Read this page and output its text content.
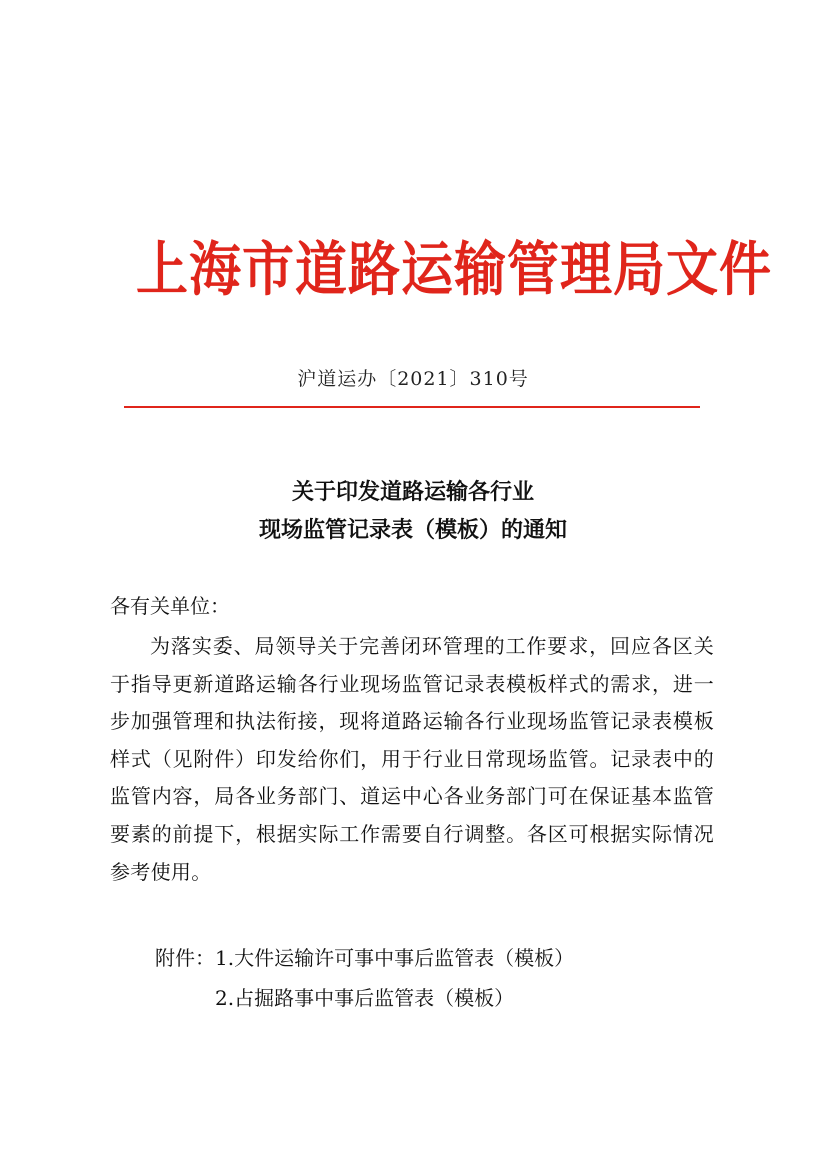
上海市道路运输管理局文件
沪道运办〔2021〕310号
关于印发道路运输各行业
现场监管记录表（模板）的通知
各有关单位：
为落实委、局领导关于完善闭环管理的工作要求，回应各区关于指导更新道路运输各行业现场监管记录表模板样式的需求，进一步加强管理和执法衔接，现将道路运输各行业现场监管记录表模板样式（见附件）印发给你们，用于行业日常现场监管。记录表中的监管内容，局各业务部门、道运中心各业务部门可在保证基本监管要素的前提下，根据实际工作需要自行调整。各区可根据实际情况参考使用。
附件： 1.大件运输许可事中事后监管表（模板）
2.占掘路事中事后监管表（模板）
